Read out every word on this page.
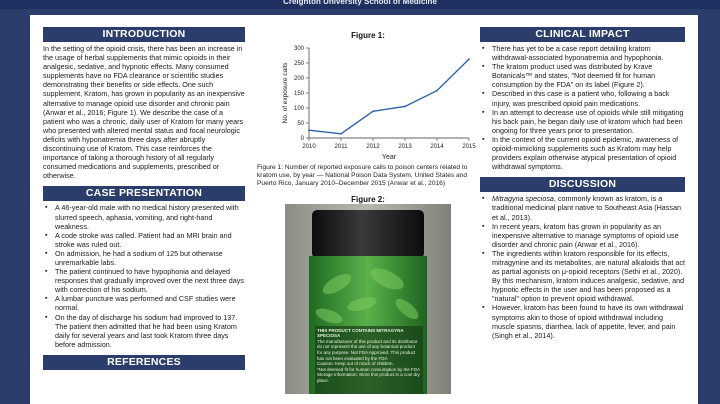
Creighton University School of Medicine
INTRODUCTION

In the setting of the opioid crisis, there has been an increase in the usage of herbal supplements that mimic opioids in their analgesic, sedative, and hypnotic effects. Many consumed supplements have no FDA clearance or scientific studies demonstrating their benefits or side effects. One such supplement, Kratom, has grown in popularity as an inexpensive alternative to manage opioid use disorder and chronic pain (Anwar et al., 2016; Figure 1). We describe the case of a patient who was a chronic, daily user of Kratom for many years who presented with altered mental status and focal neurologic deficits with hyponatremia three days after abruptly discontinuing use of Kratom. This case reinforces the importance of taking a thorough history of all regularly consumed medications and supplements, prescribed or otherwise.

CASE PRESENTATION
▪ A 46-year-old male with no medical history presented with slurred speech, aphasia, vomiting, and right-hand weakness.
▪ A code stroke was called. Patient had an MRI brain and stroke was ruled out.
▪ On admission, he had a sodium of 125 but otherwise unremarkable labs.
▪ The patient continued to have hypophonia and delayed responses that gradually improved over the next three days with correction of his sodium.
▪ A lumbar puncture was performed and CSF studies were normal.
▪ On the day of discharge his sodium had improved to 137. The patient then admitted that he had been using Kratom daily for several years and last took Kratom three days before admission.
REFERENCES
Figure 1:
0
50
100
150
200
250
300
2010	2011	2012	2013	2014	2015
Year
No. of exposure calls

Figure 1: Number of reported exposure calls to poison centers related to kratom use, by year — National Poison Data System, United States and Puerto Rico, January 2010–December 2015 (Anwar et al., 2016)

Figure 2:
THIS PRODUCT CONTAINS MITRAGYNA SPECIOSA
The manufacturer of this product and its distributor do not represent the use of any botanical product for any purpose. Not FDA Approved. This product has not been evaluated by the FDA
Caution: Keep out of reach of children.
*Not deemed fit for human consumption by the FDA
Storage Information: Store this product in a cool dry place.
CLINICAL IMPACT
▪ There has yet to be a case report detailing kratom withdrawal-associated hyponatremia and hypophonia.
▪ The kratom product used was distributed by Krave Botanicals™ and states, "Not deemed fit for human consumption by the FDA" on its label (Figure 2).
▪ Described in this case is a patient who, following a back injury, was prescribed opioid pain medications.
▪ In an attempt to decrease use of opioids while still mitigating his back pain, he began daily use of kratom which had been ongoing for three years prior to presentation.
▪ In the context of the current opioid epidemic, awareness of opioid-mimicking supplements such as Kratom may help providers explain otherwise atypical presentation of opioid withdrawal symptoms.
DISCUSSION
▪ Mitragyna speciosa, commonly known as kratom, is a traditional medicinal plant native to Southeast Asia (Hassan et al., 2013).
▪ In recent years, kratom has grown in popularity as an inexpensive alternative to manage symptoms of opioid use disorder and chronic pain (Anwar et al., 2016).
▪ The ingredients within kratom responsible for its effects, mitragynine and its metabolites, are natural alkaloids that act as partial agonists on μ-opioid receptors (Sethi et al., 2020). By this mechanism, kratom induces analgesic, sedative, and hypnotic effects in the user and has been proposed as a "natural" option to prevent opioid withdrawal.
▪ However, kratom has been found to have its own withdrawal symptoms akin to those of opioid withdrawal including muscle spasms, diarrhea, lack of appetite, fever, and pain (Singh et al., 2014).
